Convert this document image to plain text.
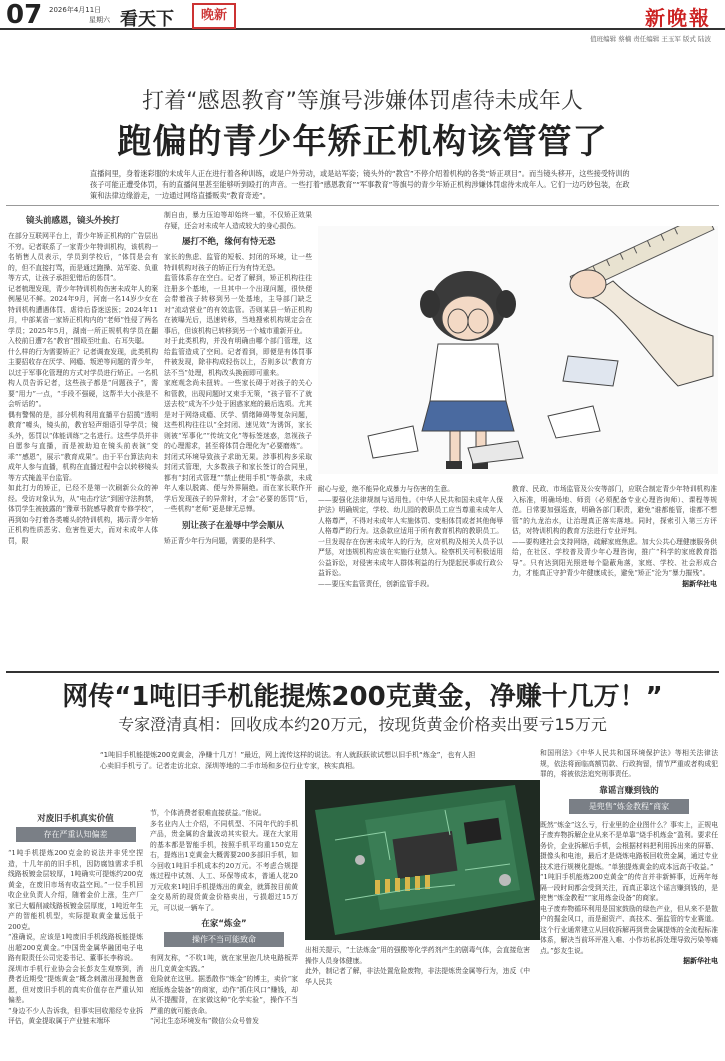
07 2026年4月11日
星期六 看天下	晚新	新晚報
值班编辑 蔡楠 责任编辑 王玉军 版式 陆波
打着“感恩教育”等旗号涉嫌体罚虐待未成年人
跑偏的青少年矫正机构该管管了
直播间里，身着迷彩服的未成年人正在进行着各种训练，或是户外劳动，或是站军姿；镜头外的“教官”不停介绍着机构的各类“矫正项目”。而当镜头移开，这些接受特训的孩子可能正遭受体罚，有的直播间里甚至能够听到殴打的声音。一些打着“感恩教育”“军事教育”等旗号的青少年矫正机构涉嫌体罚虐待未成年人。它们一边巧妙包装，在政策和法律边缘游走，一边通过网络直播贩卖“教育奇迹”。
镜头前感恩，镜头外挨打

在部分互联网平台上，青少年矫正机构的广告层出不穷。记者联系了一家青少年特训机构，该机构一名销售人员表示，学员到学校后，“体罚是会有的，但不直接打骂，而是通过跑操、站军姿、负重等方式，让孩子承担犯错后的惩罚”。

记者梳理发现，青少年特训机构伤害未成年人的案例屡见不鲜。2024年9月，河南一名14岁少女在特训机构遭遇体罚、虐待后昏迷送医；2024年11月，中部某省一家矫正机构内的“老师”性侵了两名学员；2025年5月，湖南一所正规机构学员在翻入校前日遭7名“教官”围殴至吐血、右耳失聪。

什么样的行为需要矫正？记者调查发现，此类机构主要招收存在厌学、网瘾、叛逆等问题的青少年，以过于军事化管理的方式对学员进行矫正。一名机构人员告诉记者，这些孩子都是“问题孩子”，需要“用力”一点，“手段不强硬，这帮半大小孩是不会听话的”。

偶有警惕的是，部分机构利用直播平台招揽“透明教育”噱头，镜头前，教官轻声细语引导学员；镜头外，惩罚以“体能训练”之名进行。这些学员并非自愿参与直播，而是被助迫在镜头前表演“变乖”“感恩”，展示“教育成果”。由于平台算法向未成年人参与直播，机构在直播过程中会以转移镜头等方式掩盖平台监管。

如此打力的矫正，已经不是第一次刷新公众的神经。受访对象认为，从“电击疗法”到困守法拘禁，体罚学生被披露的“豫章书院感导教育专修学校”，再到如今打着各类噱头的特训机构，揭示青少年矫正机构性质恶劣、危害性更大，而对未成年人体罚，限

制自由，暴力压迫等却始终一辙，不仅矫正效果存疑，还会对未成年人造成较大的身心损伤。

屡打不绝，缘何有恃无恐

家长的焦虑、监管的短板、封闭的环境，让一些特训机构对孩子的矫正行为有恃无恐。

监管体系存在空白。记者了解到，矫正机构往往注册多个基地，一旦其中一个出现问题，很快便会带着孩子转移到另一处基地，主导部门缺乏对“流动营业”的有效监管。否则某县一矫正机构在被曝光后，迅速转移，当地搜索机构规定会在事后，但该机构已转移到另一个城市重新开业。

对于此类机构，并没有明确由哪个部门管理，这给监管造成了空间。记者看到，即便是有体罚事件被发现，除非构成轻伤以上，否则多以“教育方法不当”处理，机构改头换面即可重来。

家庭观念尚未扭转。一些家长碍于对孩子的关心和管教，出现问题时又束手无策，“孩子管不了就送去校”成为不少处于困惑家庭的最后选项。尤其是对于网络成瘾、厌学、情绪障碍等复杂问题，这些机构往往以“全封闭、速见效”为诱饵，家长则被“军事化”“传统文化”等标签迷惑，忽视孩子的心理需求，甚至将体罚合理化为“必要磨炼”。

封闭式环境导致孩子求助无果。涉事机构多采取封闭式管理，大多数孩子和家长签订的合同里，都有“封闭式管理”“禁止使用手机”等条款，未成年人难以脱离、便与外界隔绝。而在家长联作开学后发现孩子的异常时，才会“必要的惩罚”后，一些机构“老师”更是肆无忌惮。

别让孩子在羞辱中学会顺从

矫正青少年行为问题，需要的是科学、

耐心与爱，绝不能异化成暴力与伤害的生意。

——要强化法律规制与适用性。《中华人民共和国未成年人保护法》明确规定，学校、幼儿园的教职员工应当尊重未成年人人格尊严，不得对未成年人实施体罚、变相体罚或者其他侮辱人格尊严的行为。这条款应适用于所有教育机构的教职员工。一旦发现存在伤害未成年人的行为，应对机构及相关人员予以严惩，对违规机构应该在实施行业禁入。检察机关可积极适用公益诉讼，对侵害未成年人群体利益的行为提起民事或行政公益诉讼。

——要压实监管责任，创新监管手段。

教育、民政、市场监管及公安等部门，应联合制定青少年特训机构准入标准，明确场地、师资（必须配备专业心理咨询师）、课程等规范。日常要加强巡查，明确各部门职责，避免“谁都能管，谁都不想管”的九龙治水，让治理真正落实落地。同时，探索引入第三方评估，对特训机构的教育方法进行专业评判。

——要构建社会支持网络，疏解家庭焦虑。加大公共心理健康服务供给，在社区、学校普及青少年心理咨询，推广“科学的家庭教育指导”。只有达到阳光照进每个隐蔽角落，家庭、学校、社会形成合力，才能真正守护青少年健康成长，避免“矫正”沦为“暴力摧残”。

据新华社电
网传“1吨旧手机能提炼200克黄金，净赚十几万！”
专家澄清真相：回收成本约20万元，按现货黄金价格卖出要亏15万元
“1吨旧手机能提炼200克黄金，净赚十几万！”最近，网上流传这样的说法。有人就跃跃欲试想以旧手机“炼金”，也有人担心卖旧手机亏了。记者走访北京、深圳等地的二手市场和多位行业专家，核实真相。
对废旧手机真实价值
存在严重认知偏差

“1吨手机提炼200克金的说法并非凭空捏造，十几年前的旧手机，因防腐蚀需求手机线路板镀金层较厚，1吨确实可提炼约200克黄金，在废旧市场有收益空间。”一位手机回收企业负责人介绍，随着金价上涨，生产厂家已大幅削减线路板镀金层厚度，1吨近年生产的智能机机型，实际提取黄金量远低于200克。

“准确说，应该是1吨废旧手机线路板能提炼出超200克黄金。”中国贵金属华融团电子电路有限责任公司完委书记、董事长李称说。

深圳市手机行业协会会长彭友生观察到，消费者近期受“提炼黄金”概念刺激出现抛售意愿，但对废旧手机的真实价值存在严重认知偏差。

“身边不少人告诉我，但事实回收需经专业拆评估，黄金提取属于产业链末端环

节，个体消费者很难直接获益。”他说。

多名业内人士介绍，不同机型、不同年代的手机产品，贵金属的含量波动其实很大。现在大家用的基本都是智能手机，按照手机平均重150克左右，提炼出1克黄金大概需要200多部旧手机，如今回收1吨旧手机成本约20万元。不考虑合规提炼过程中试剂、人工、环保等成本，普通人花20万元收来1吨旧手机提炼出的黄金，就算按目前黄金交易所的现货黄金价格卖出，亏损超过15万元，可以说一辆车了。

在家“炼金”
操作不当可能致命

有网友称，“不吹1吨，就在家里泡几块电路板弄出几克黄金实践。”

危险就在这里。据悉散作“炼金”的博主，卖价“家庭版炼金装备”的商家，动作“抓住风口”赚钱，却从不提醒背，在家做这种“化学实验”，操作不当严重的就可能丧命。

“河北生态环境发布”微信公众号曾发

出相关提示，“土法炼金”用的强酸等化学药剂产生的剧毒气体，会直接危害操作人员身体健康。

此外，制记者了解，非法处置危险废物，非法提炼贵金属等行为，违反《中华人民共

和国刑法》《中华人民共和国环境保护法》等相关法律法规，依法将面临高额罚款、行政拘留，情节严重或者构成犯罪的，将被依法追究刑事责任。

靠谣言赚到钱的
是兜售“炼金教程”商家

既然“炼金”这么亏，行业里的企业图什么？事实上，正规电子废弃物拆解企业从来不是单靠“烧手机炼金”盈利。要求任务价，企业拆解后手机，会根据材料把利用拆出来的屏幕、摄像头和电池，最后才是烧炼电路板回收贵金属，通过专业技术进行规模化提炼。“单独提炼黄金的成本远高于收益。”

“1吨旧手机能炼200克黄金”的传言并非新鲜事，近两年每隔一段时间都会受到关注，而真正靠这个谣言赚到钱的，是兜售“炼金教程”“家用炼金设备”的商家。

电子废弃物循环利用是国家鼓励的绿色产业，但从来不是散户的掘金风口，而是耐资产、高技术、强监管的专业赛道。这个行业通常建立从回收拆解再到贵金属提炼的全流程标准体系，解决当前环评准入难、小作坊私拆处理导致污染等痛点。”彭友生说。

据新华社电
